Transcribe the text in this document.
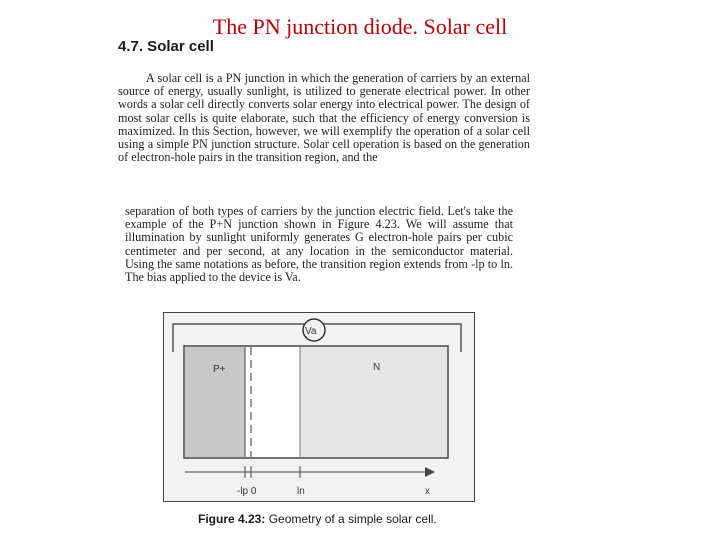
The PN junction diode. Solar cell
4.7. Solar cell
A solar cell is a PN junction in which the generation of carriers by an external source of energy, usually sunlight, is utilized to generate electrical power. In other words a solar cell directly converts solar energy into electrical power. The design of most solar cells is quite elaborate, such that the efficiency of energy conversion is maximized. In this Section, however, we will exemplify the operation of a solar cell using a simple PN junction structure. Solar cell operation is based on the generation of electron-hole pairs in the transition region, and the
separation of both types of carriers by the junction electric field. Let's take the example of the P+N junction shown in Figure 4.23. We will assume that illumination by sunlight uniformly generates G electron-hole pairs per cubic centimeter and per second, at any location in the semiconductor material. Using the same notations as before, the transition region extends from -lp to ln. The bias applied to the device is Va.
Va
P+	N
-lp 0	ln	x
Figure 4.23: Geometry of a simple solar cell.
